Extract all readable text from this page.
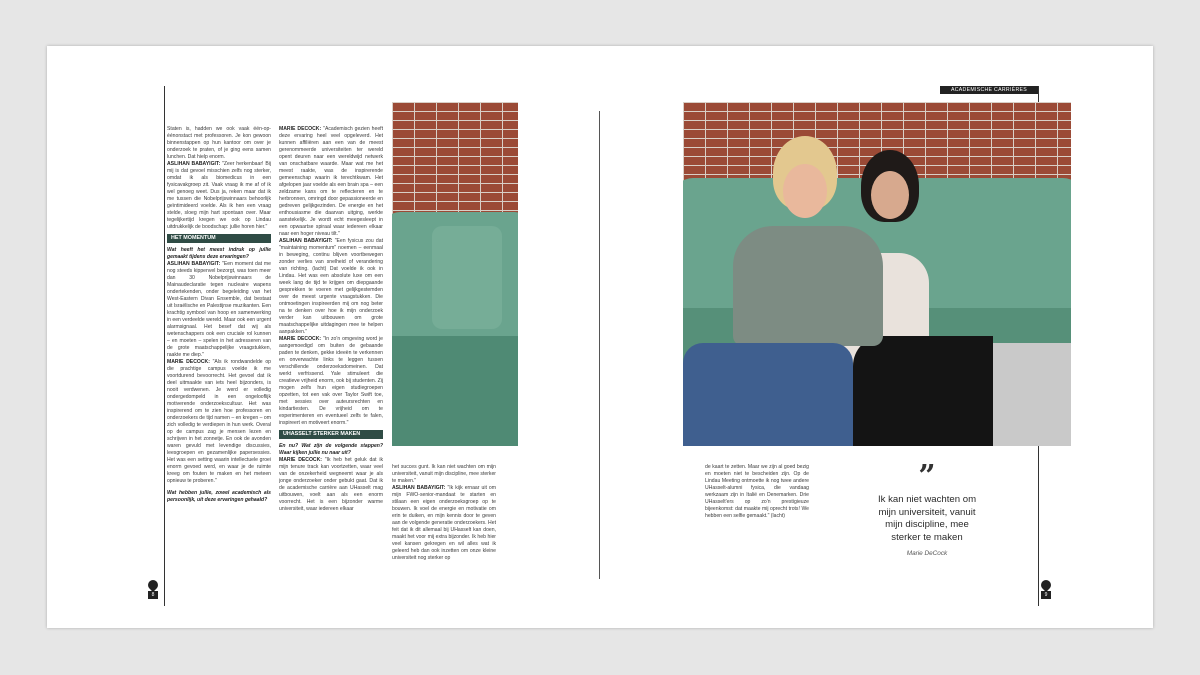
Staten is, hadden we ook vaak één-op-éénonstact met professoren. Je kon gewoon binnenstappen op hun kantoor om over je onderzoek te praten, of je ging eens samen lunchen. Dat hielp enorm.

ASLIHAN BABAYIGIT: "Zeer herkenbaar! Bij mij is dat gevoel misschien zelfs nog sterker, omdat ik als biomedicus in een fysicavakgroep zit. Vaak vraag ik me af of ik wel genoeg weet. Dus ja, reken maar dat ik me tussen die Nobelprijswinnaars behoorlijk geïntimideerd voelde. Als ik hen een vraag stelde, sloeg mijn hart spontaan over. Maar tegelijkertijd kregen we ook op Lindau uitdrukkelijk de boodschap: jullie horen hier."

HET MOMENTUM

Wat heeft het meest indruk op jullie gemaakt tijdens deze ervaringen?

ASLIHAN BABAYIGIT: "Een moment dat me nog steeds kippenvel bezorgt, was toen meer dan 30 Nobelprijswinnaars de Mainaudeclaratie tegen nucleaire wapens ondertekenden, onder begeleiding van het West-Eastern Divan Ensemble, dat bestaat uit Israëlische en Palestijnse muzikanten. Een krachtig symbool van hoop en samenwerking in een verdeelde wereld. Maar ook een urgent alarmsignaal. Het besef dat wij als wetenschappers ook een cruciale rol kunnen – en moeten – spelen in het adresseren van de grote maatschappelijke vraagstukken, raakte me diep."

MARIE DECOCK: "Als ik rondwandelde op die prachtige campus voelde ik me voortdurend bevoorrecht. Het gevoel dat ik deel uitmaakte van iets heel bijzonders, is nooit verdwenen. Je werd er volledig ondergedompeld in een ongelooflijk motiverende onderzoekscultuur. Het was inspirerend om te zien hoe professoren en onderzoekers de tijd namen – en kregen – om zich volledig te verdiepen in hun werk. Overal op de campus zag je mensen lezen en schrijven in het zonnetje. En ook de avonden waren gevuld met levendige discussies, leesgroepen en gezamenlijke papersessies. Het was een setting waarin intellectuele groei enorm gevoed werd, en waar je de ruimte kreeg om fouten te maken en het meteen opnieuw te proberen."

Wat hebben jullie, zowel academisch als persoonlijk, uit deze ervaringen gehaald?

MARIE DECOCK: "Academisch gezien heeft deze ervaring heel veel opgeleverd. Het kunnen affiliëren aan een van de meest gerenommeerde universiteiten ter wereld opent deuren naar een wereldwijd netwerk van onschatbare waarde. Maar wat me het meest raakte, was de inspirerende gemeenschap waarin ik terechtkwam. Het afgelopen jaar voelde als een brain spa – een zeldzame kans om te reflecteren en te herbronnen, omringd door gepassioneerde en gedreven gelijkgezinden. De energie en het enthousiasme die daarvan uitging, werkte aanstekelijk. Je wordt echt meegesleept in een opwaartse spiraal waar iedereen elkaar naar een hoger niveau tilt."

ASLIHAN BABAYIGIT: "Een fysicus zou dat "maintaining momentum" noemen – eenmaal in beweging, continu blijven voortbewegen zonder verlies van snelheid of verandering van richting. (lacht) Dat voelde ik ook in Lindau. Het was een absolute luxe om een week lang de tijd te krijgen om diepgaande gesprekken te voeren met gelijkgestemden over de meest urgente vraagstukken. Die ontmoetingen inspireerden mij om nog beter na te denken over hoe ik mijn onderzoek verder kan uitbouwen om grote maatschappelijke uitdagingen mee te helpen aanpakken."

MARIE DECOCK: "In zo'n omgeving word je aangemoedigd om buiten de gebaande paden te denken, gekke ideeën te verkennen en onverwachte links te leggen tussen verschillende onderzoeksdomeinen. Dat werkt verfrissend. Yale stimuleert die creatieve vrijheid enorm, ook bij studenten. Zij mogen zelfs hun eigen studiegroepen opzetten, tot een vak over Taylor Swift toe, met sessies over auteursrechten en kindartiesten. De vrijheid om te experimenteren en eventueel zelfs te falen, inspireert en motiveert enorm."

UHASSELT STERKER MAKEN

En nu? Wat zijn de volgende stappen? Waar kijken jullie nu naar uit?

MARIE DECOCK: "Ik heb het geluk dat ik mijn tenure track kan voortzetten, waar veel van de onzekerheid wegneemt waar je als jonge onderzoeker onder gebukt gaat. Dat ik de academische carrière aan UHasselt mag uitbouwen, voelt aan als een enorm voorrecht. Het is een bijzonder warme universiteit, waar iedereen elkaar

het succes gunt. Ik kan niet wachten om mijn universiteit, vanuit mijn discipline, mee sterker te maken."

ASLIHAN BABAYIGIT: "Ik kijk ernaar uit om mijn FWO-senior-mandaat te starten en stilaan een eigen onderzoeksgroep op te bouwen. Ik voel de energie en motivatie om erin te duiken, en mijn kennis door te geven aan de volgende generatie onderzoekers. Het feit dat ik dit allemaal bij UHasselt kan doen, maakt het voor mij extra bijzonder. Ik heb hier veel kansen gekregen en wil alles wat ik geleerd heb dan ook inzetten om onze kleine universiteit nog sterker op

8
ACADEMISCHE CARRIÈRES

de kaart te zetten. Maar we zijn al goed bezig en moeten niet te bescheiden zijn. Op de Lindau Meeting ontmoette ik nog twee andere UHasselt-alumni fysica, die vandaag werkzaam zijn in Italië en Denemarken. Drie UHasselt'ers op zo'n prestigieuze bijeenkomst: dat maakte mij oprecht trots! We hebben een selfie gemaakt." (lacht)

”
Ik kan niet wachten om
mijn universiteit, vanuit
mijn discipline, mee
sterker te maken
Marie DeCock
9
